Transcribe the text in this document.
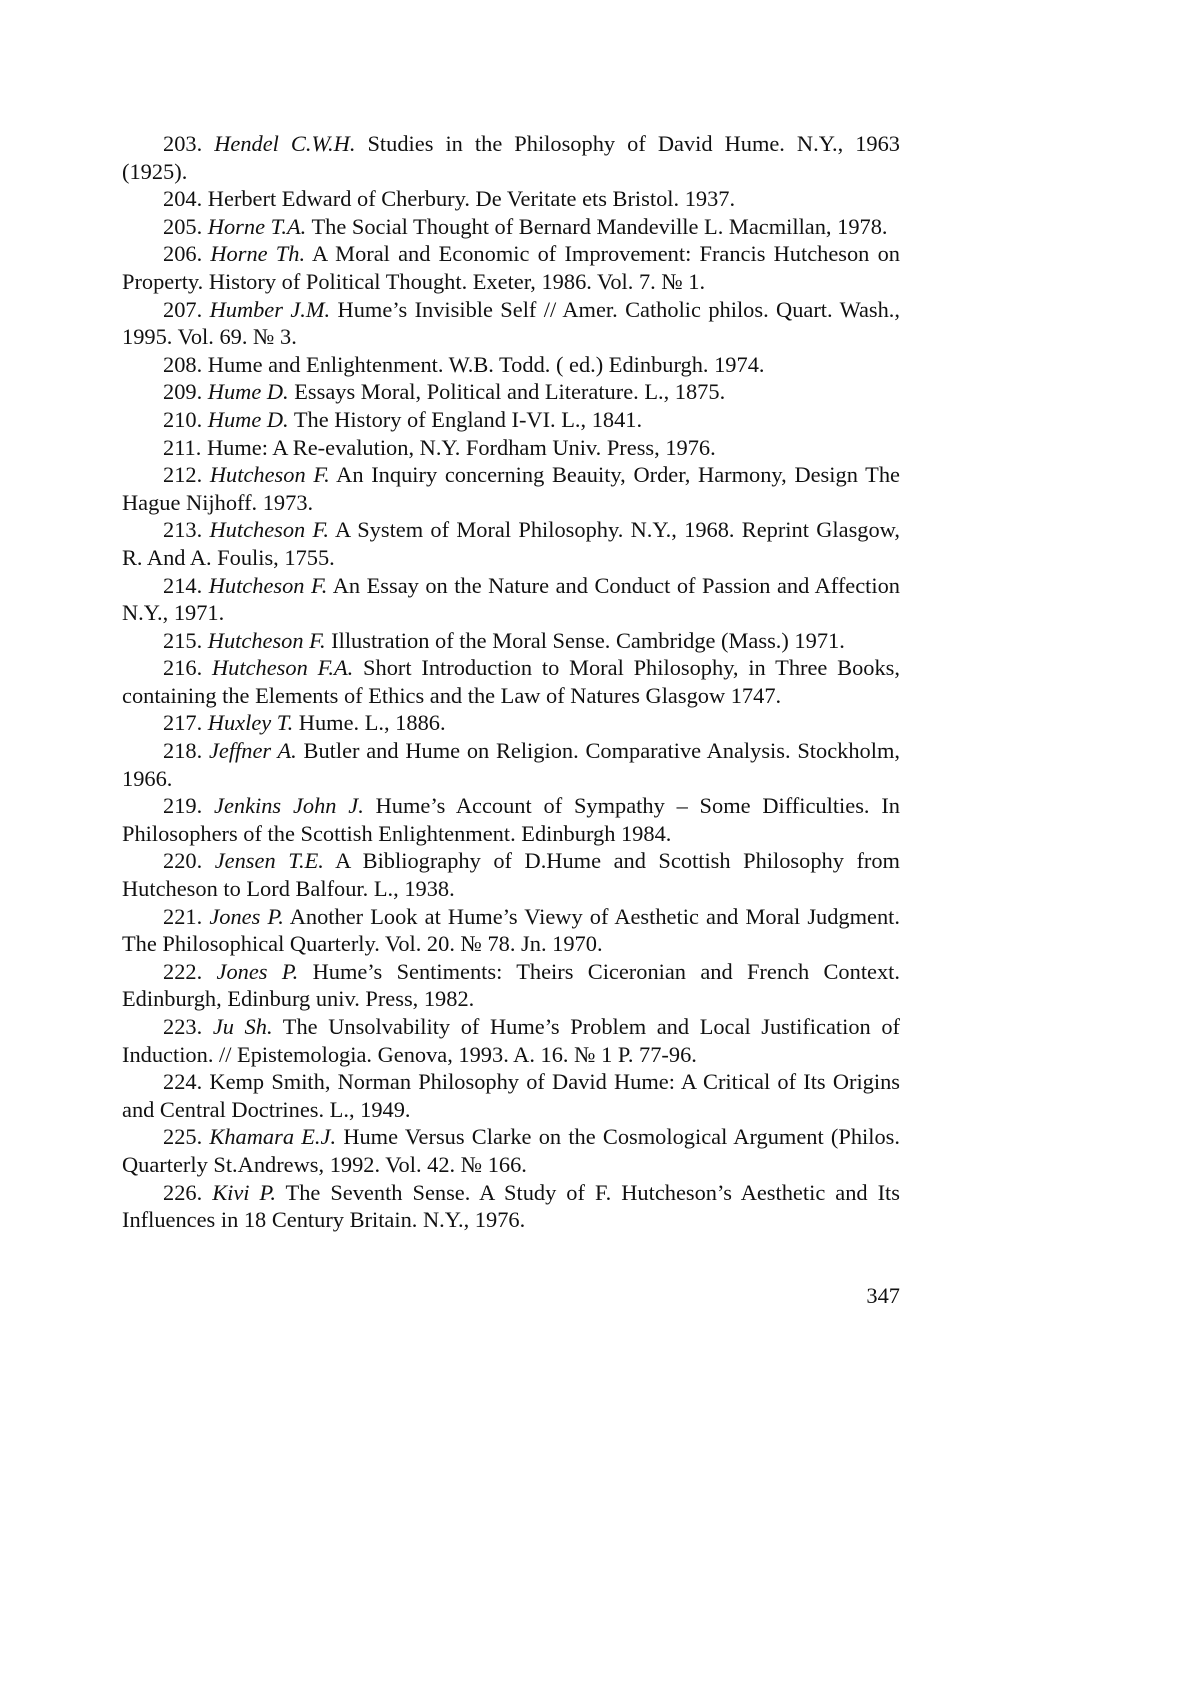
203. Hendel C.W.H. Studies in the Philosophy of David Hume. N.Y., 1963 (1925).

204. Herbert Edward of Cherbury. De Veritate ets Bristol. 1937.

205. Horne T.A. The Social Thought of Bernard Mandeville L. Macmillan, 1978.

206. Horne Th. A Moral and Economic of Improvement: Francis Hutcheson on Property. History of Political Thought. Exeter, 1986. Vol. 7. № 1.

207. Humber J.M. Hume’s Invisible Self // Amer. Catholic philos. Quart. Wash., 1995. Vol. 69. № 3.

208. Hume and Enlightenment. W.B. Todd. ( ed.) Edinburgh. 1974.

209. Hume D. Essays Moral, Political and Literature. L., 1875.

210. Hume D. The History of England I-VI. L., 1841.

211. Hume: A Re-evalution, N.Y. Fordham Univ. Press, 1976.

212. Hutcheson F. An Inquiry concerning Beauity, Order, Harmony, Design The Hague Nijhoff. 1973.

213. Hutcheson F. A System of Moral Philosophy. N.Y., 1968. Reprint Glasgow, R. And A. Foulis, 1755.

214. Hutcheson F. An Essay on the Nature and Conduct of Passion and Affection N.Y., 1971.

215. Hutcheson F. Illustration of the Moral Sense. Cambridge (Mass.) 1971.

216. Hutcheson F.A. Short Introduction to Moral Philosophy, in Three Books, containing the Elements of Ethics and the Law of Natures Glasgow 1747.

217. Huxley T. Hume. L., 1886.

218. Jeffner A. Butler and Hume on Religion. Comparative Analysis. Stockholm, 1966.

219. Jenkins John J. Hume’s Account of Sympathy – Some Difficulties. In Philosophers of the Scottish Enlightenment. Edinburgh 1984.

220. Jensen T.E. A Bibliography of D.Hume and Scottish Philosophy from Hutcheson to Lord Balfour. L., 1938.

221. Jones P. Another Look at Hume’s Viewy of Aesthetic and Moral Judgment. The Philosophical Quarterly. Vol. 20. № 78. Jn. 1970.

222. Jones P. Hume’s Sentiments: Theirs Ciceronian and French Context. Edinburgh, Edinburg univ. Press, 1982.

223. Ju Sh. The Unsolvability of Hume’s Problem and Local Justification of Induction. // Epistemologia. Genova, 1993. A. 16. № 1 P. 77-96.

224. Kemp Smith, Norman Philosophy of David Hume: A Critical of Its Origins and Central Doctrines. L., 1949.

225. Khamara E.J. Hume Versus Clarke on the Cosmological Argument (Philos. Quarterly St.Andrews, 1992. Vol. 42. № 166.

226. Kivi P. The Seventh Sense. A Study of F. Hutcheson’s Aesthetic and Its Influences in 18 Century Britain. N.Y., 1976.

347
